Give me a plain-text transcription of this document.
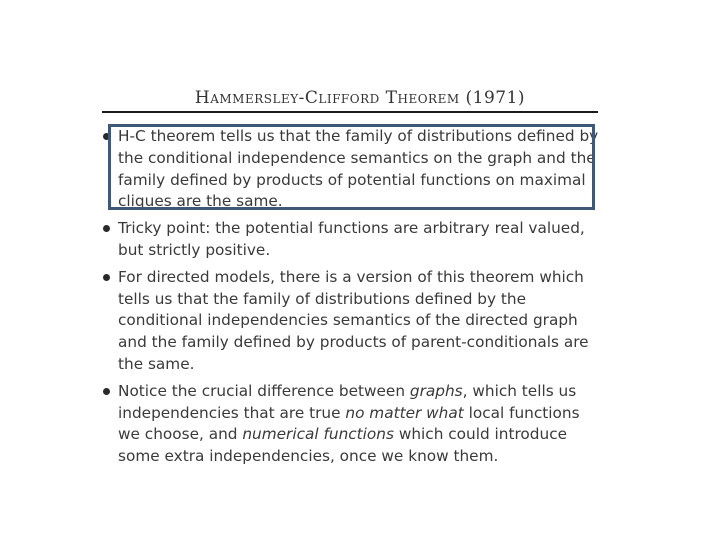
Hammersley-Clifford Theorem (1971)
H-C theorem tells us that the family of distributions defined by the conditional independence semantics on the graph and the family defined by products of potential functions on maximal cliques are the same.
Tricky point: the potential functions are arbitrary real valued, but strictly positive.
For directed models, there is a version of this theorem which tells us that the family of distributions defined by the conditional independencies semantics of the directed graph and the family defined by products of parent-conditionals are the same.
Notice the crucial difference between graphs, which tells us independencies that are true no matter what local functions we choose, and numerical functions which could introduce some extra independencies, once we know them.
